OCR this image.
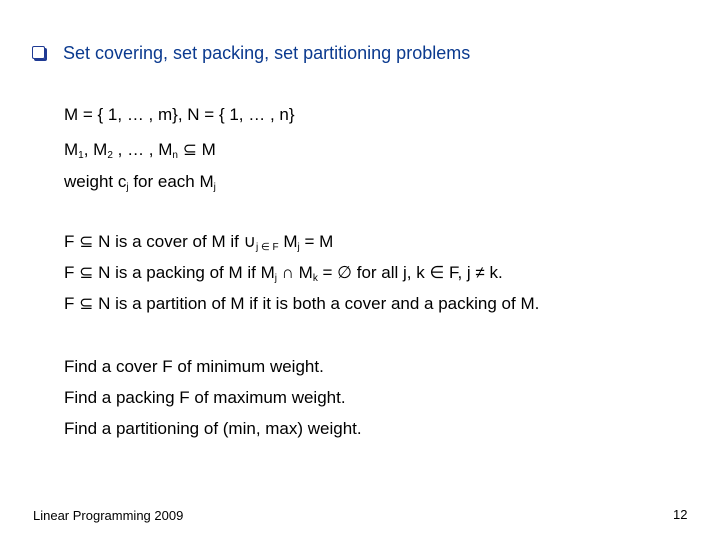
Set covering, set packing, set partitioning problems
M = { 1, … , m}, N = { 1, … , n}
$M_1$, $M_2$ , … , $M_n$ ⊆ M
weight $c_j$ for each $M_j$
F ⊆ N is a cover of M if ∪j ∈ F $M_j = M$
F ⊆ N is a packing of M if $M_j$ ∩ $M_k$ = ∅ for all j, k ∈ F, j ≠ k.
F ⊆ N is a partition of M if it is both a cover and a packing of M.
Find a cover F of minimum weight.
Find a packing F of maximum weight.
Find a partitioning of (min, max) weight.
Linear Programming 2009	12
